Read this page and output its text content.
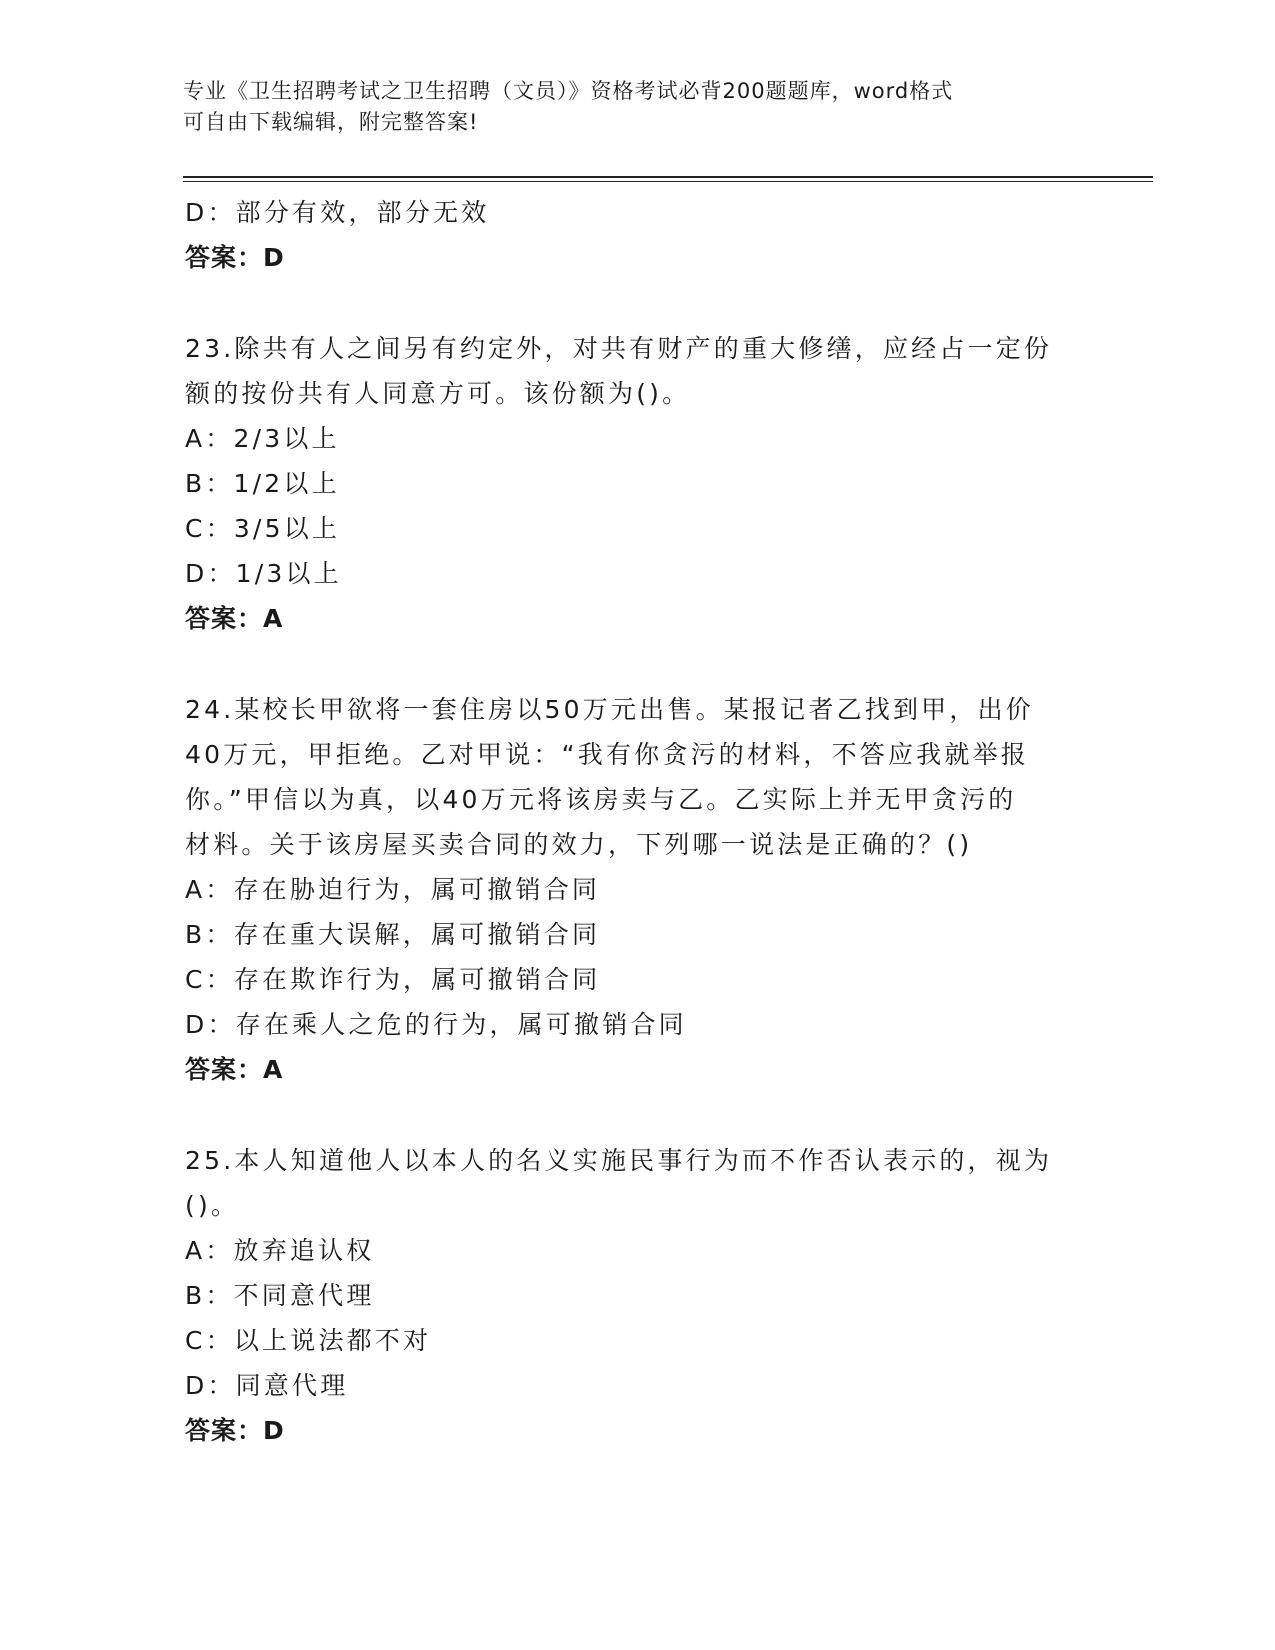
专业《卫生招聘考试之卫生招聘（文员）》资格考试必背200题题库，word格式
可自由下载编辑，附完整答案!
D：部分有效，部分无效
答案：D
23.除共有人之间另有约定外，对共有财产的重大修缮，应经占一定份
额的按份共有人同意方可。该份额为()。
A：2/3以上
B：1/2以上
C：3/5以上
D：1/3以上
答案：A
24.某校长甲欲将一套住房以50万元出售。某报记者乙找到甲，出价
40万元，甲拒绝。乙对甲说：“我有你贪污的材料，不答应我就举报
你。”甲信以为真，以40万元将该房卖与乙。乙实际上并无甲贪污的
材料。关于该房屋买卖合同的效力，下列哪一说法是正确的？()
A：存在胁迫行为，属可撤销合同
B：存在重大误解，属可撤销合同
C：存在欺诈行为，属可撤销合同
D：存在乘人之危的行为，属可撤销合同
答案：A
25.本人知道他人以本人的名义实施民事行为而不作否认表示的，视为
()。
A：放弃追认权
B：不同意代理
C：以上说法都不对
D：同意代理
答案：D
